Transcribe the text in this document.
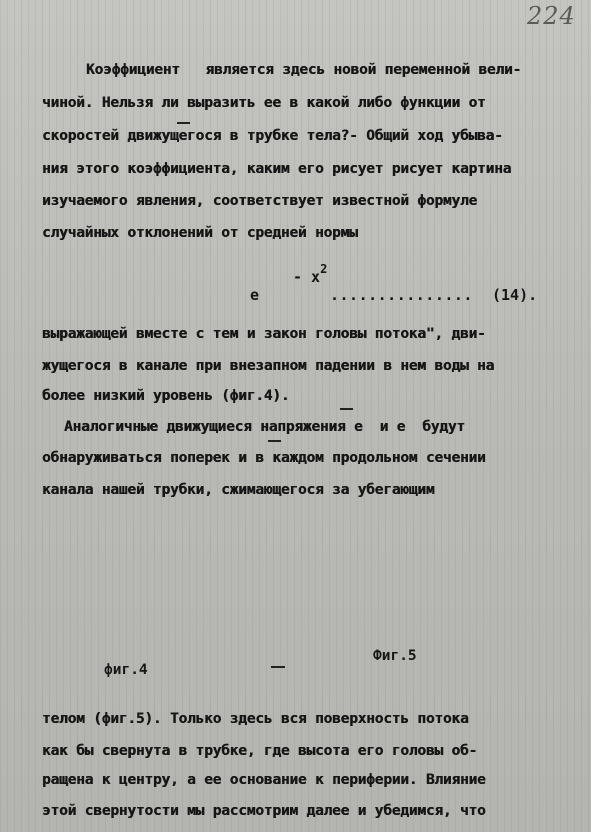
224
Коэффициент   является здесь новой переменной вели-
чиной. Нельзя ли выразить ее в какой либо функции от
скоростей движущегося в трубке тела?- Общий ход убыва-
ния этого коэффициента, каким его рисует рисует картина
изучаемого явления, соответствует известной формуле
случайных отклонений от средней нормы

e

- $x^2$

...............

(14).

выражающей вместе с тем и закон головы потока", дви-
жущегося в канале при внезапном падении в нем воды на
более низкий уровень (фиг.4).
Аналогичные движущиеся напряжения е  и е  будут
обнаруживаться поперек и в каждом продольном сечении
канала нашей трубки, сжимающегося за убегающим
фиг.4
Фиг.5
телом (фиг.5). Только здесь вся поверхность потока
как бы свернута в трубке, где высота его головы об-
ращена к центру, а ее основание к периферии. Влияние
этой свернутости мы рассмотрим далее и убедимся, что
